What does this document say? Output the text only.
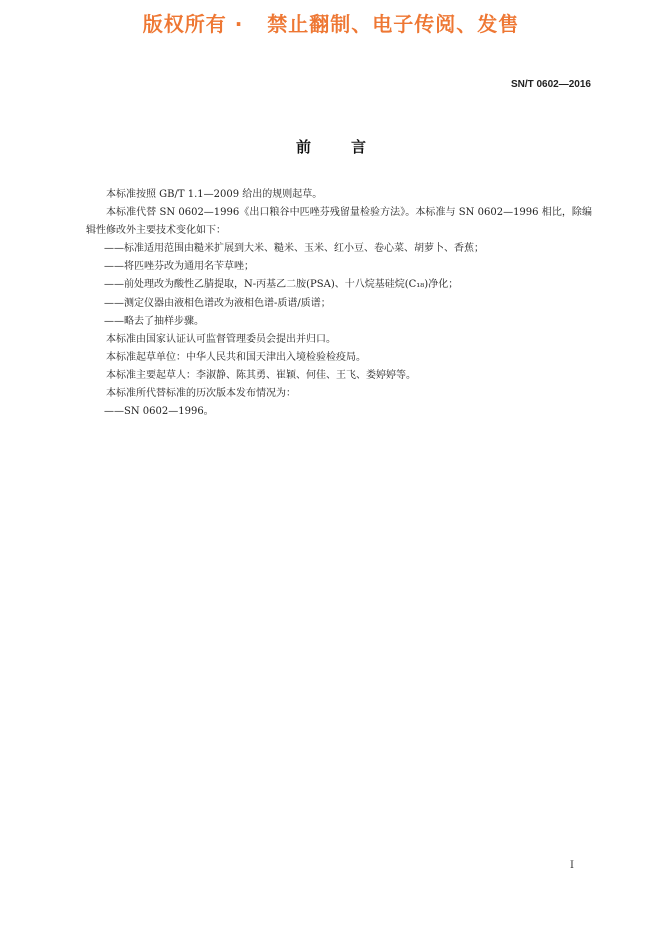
版权所有 ·   禁止翻制、电子传阅、发售
SN/T 0602—2016
前言

本标准按照 GB/T 1.1—2009 给出的规则起草。

本标准代替 SN 0602—1996《出口粮谷中匹唑芬残留量检验方法》。本标准与 SN 0602—1996 相比，除编辑性修改外主要技术变化如下：

——标准适用范围由糙米扩展到大米、糙米、玉米、红小豆、卷心菜、胡萝卜、香蕉；

——将匹唑芬改为通用名苄草唑；

——前处理改为酸性乙腈提取，N-丙基乙二胺(PSA)、十八烷基硅烷(C₁₈)净化；

——测定仪器由液相色谱改为液相色谱-质谱/质谱；

——略去了抽样步骤。

本标准由国家认证认可监督管理委员会提出并归口。

本标准起草单位：中华人民共和国天津出入境检验检疫局。

本标准主要起草人：李淑静、陈其勇、崔颖、何佳、王飞、娄婷婷等。

本标准所代替标准的历次版本发布情况为：

——SN 0602—1996。

I
